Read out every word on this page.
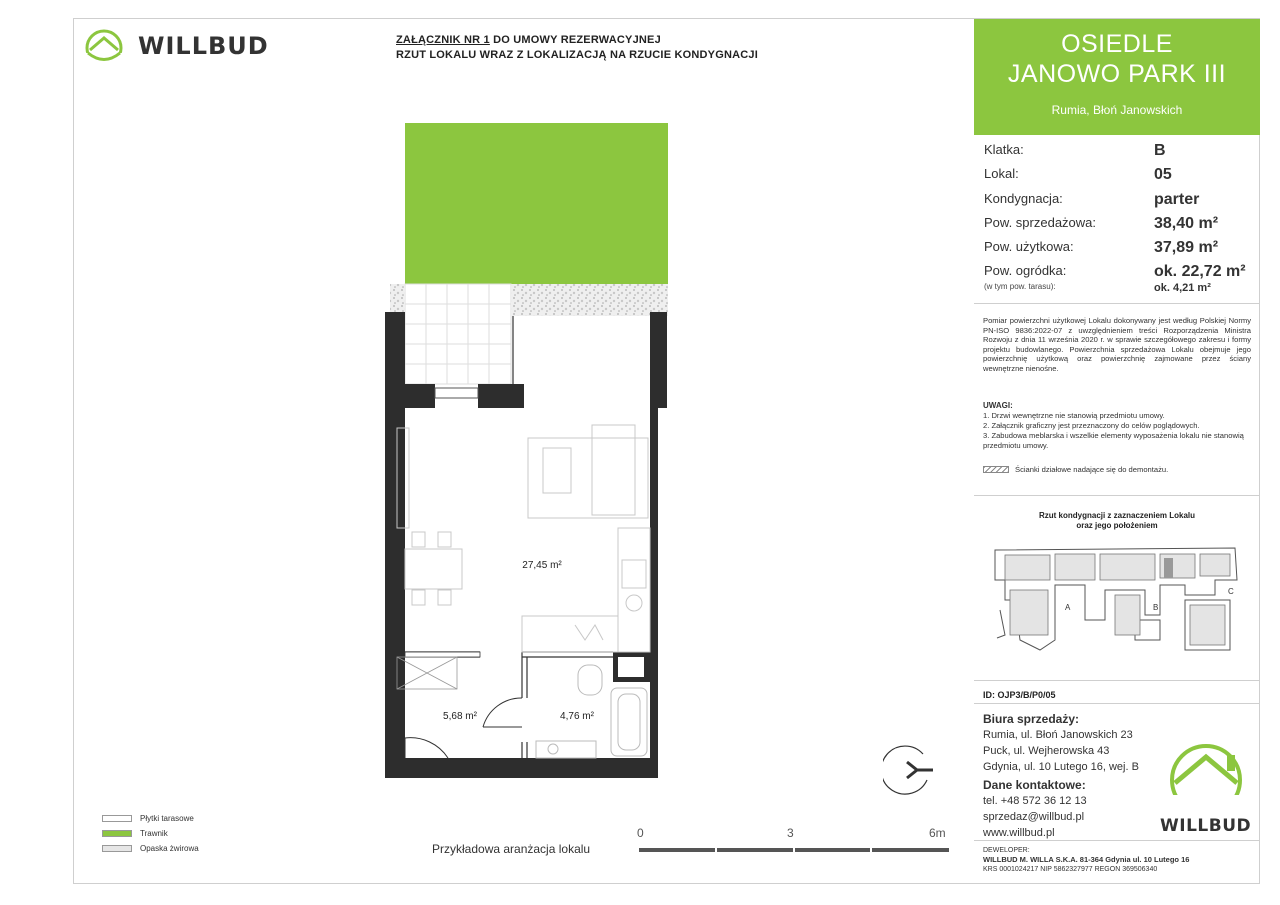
WILLBUD	ZAŁĄCZNIK NR 1 DO UMOWY REZERWACYJNEJ
RZUT LOKALU WRAZ Z LOKALIZACJĄ NA RZUCIE KONDYGNACJI
27,45 m²
5,68 m²	4,76 m²
Płytki tarasowe
Trawnik
Opaska żwirowa	Przykładowa aranżacja lokalu
0	3	6m
OSIEDLE
JANOWO PARK III
Rumia, Błoń Janowskich
Klatka:	B
Lokal:	05
Kondygnacja:	parter
Pow. sprzedażowa:	38,40 m²
Pow. użytkowa:	37,89 m²
Pow. ogródka:	ok. 22,72 m²
(w tym pow. tarasu):	ok. 4,21 m²
Pomiar powierzchni użytkowej Lokalu dokonywany jest według Polskiej Normy PN-ISO 9836:2022-07 z uwzględnieniem treści Rozporządzenia Ministra Rozwoju z dnia 11 września 2020 r. w sprawie szczegółowego zakresu i formy projektu budowlanego. Powierzchnia sprzedażowa Lokalu obejmuje jego powierzchnię użytkową oraz powierzchnię zajmowane przez ściany wewnętrzne nienośne.
UWAGI:
1. Drzwi wewnętrzne nie stanowią przedmiotu umowy.
2. Załącznik graficzny jest przeznaczony do celów poglądowych.
3. Zabudowa meblarska i wszelkie elementy wyposażenia lokalu nie stanowią przedmiotu umowy.
Ścianki działowe nadające się do demontażu.
Rzut kondygnacji z zaznaczeniem Lokalu
oraz jego położeniem
A	B
C
ID: OJP3/B/P0/05
Biura sprzedaży:
Rumia, ul. Błoń Janowskich 23
Puck, ul. Wejherowska 43
Gdynia, ul. 10 Lutego 16, wej. B
Dane kontaktowe:
tel. +48 572 36 12 13
sprzedaz@willbud.pl
www.willbud.pl	WILLBUD
DEWELOPER:
WILLBUD M. WILLA S.K.A. 81-364 Gdynia ul. 10 Lutego 16
KRS 0001024217 NIP 5862327977 REGON 369506340
